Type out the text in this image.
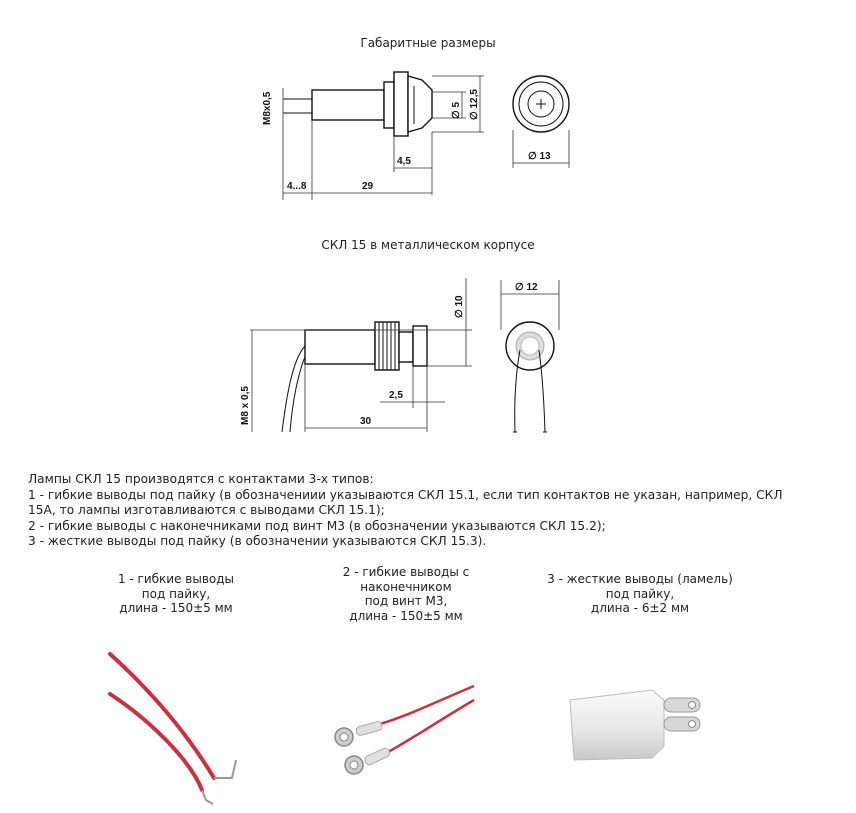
Габаритные размеры
M8x0,5	∅ 5 ∅ 12,5
4,5
4...8	29
∅ 13
СКЛ 15 в металлическом корпусе
∅ 10
M8 x 0,5	2,5
30
∅ 12
Лампы СКЛ 15 производятся с контактами 3-х типов:
1 - гибкие выводы под пайку (в обозначениии указываются СКЛ 15.1, если тип контактов не указан, например, СКЛ
15А, то лампы изготавливаются с выводами СКЛ 15.1);
2 - гибкие выводы с наконечниками под винт М3 (в обозначении указываются СКЛ 15.2);
3 - жесткие выводы под пайку (в обозначении указываются СКЛ 15.3).
1 - гибкие выводы
под пайку,
длина - 150±5 мм
2 - гибкие выводы с
наконечником
под винт М3,
длина - 150±5 мм
3 - жесткие выводы (ламель)
под пайку,
длина - 6±2 мм
